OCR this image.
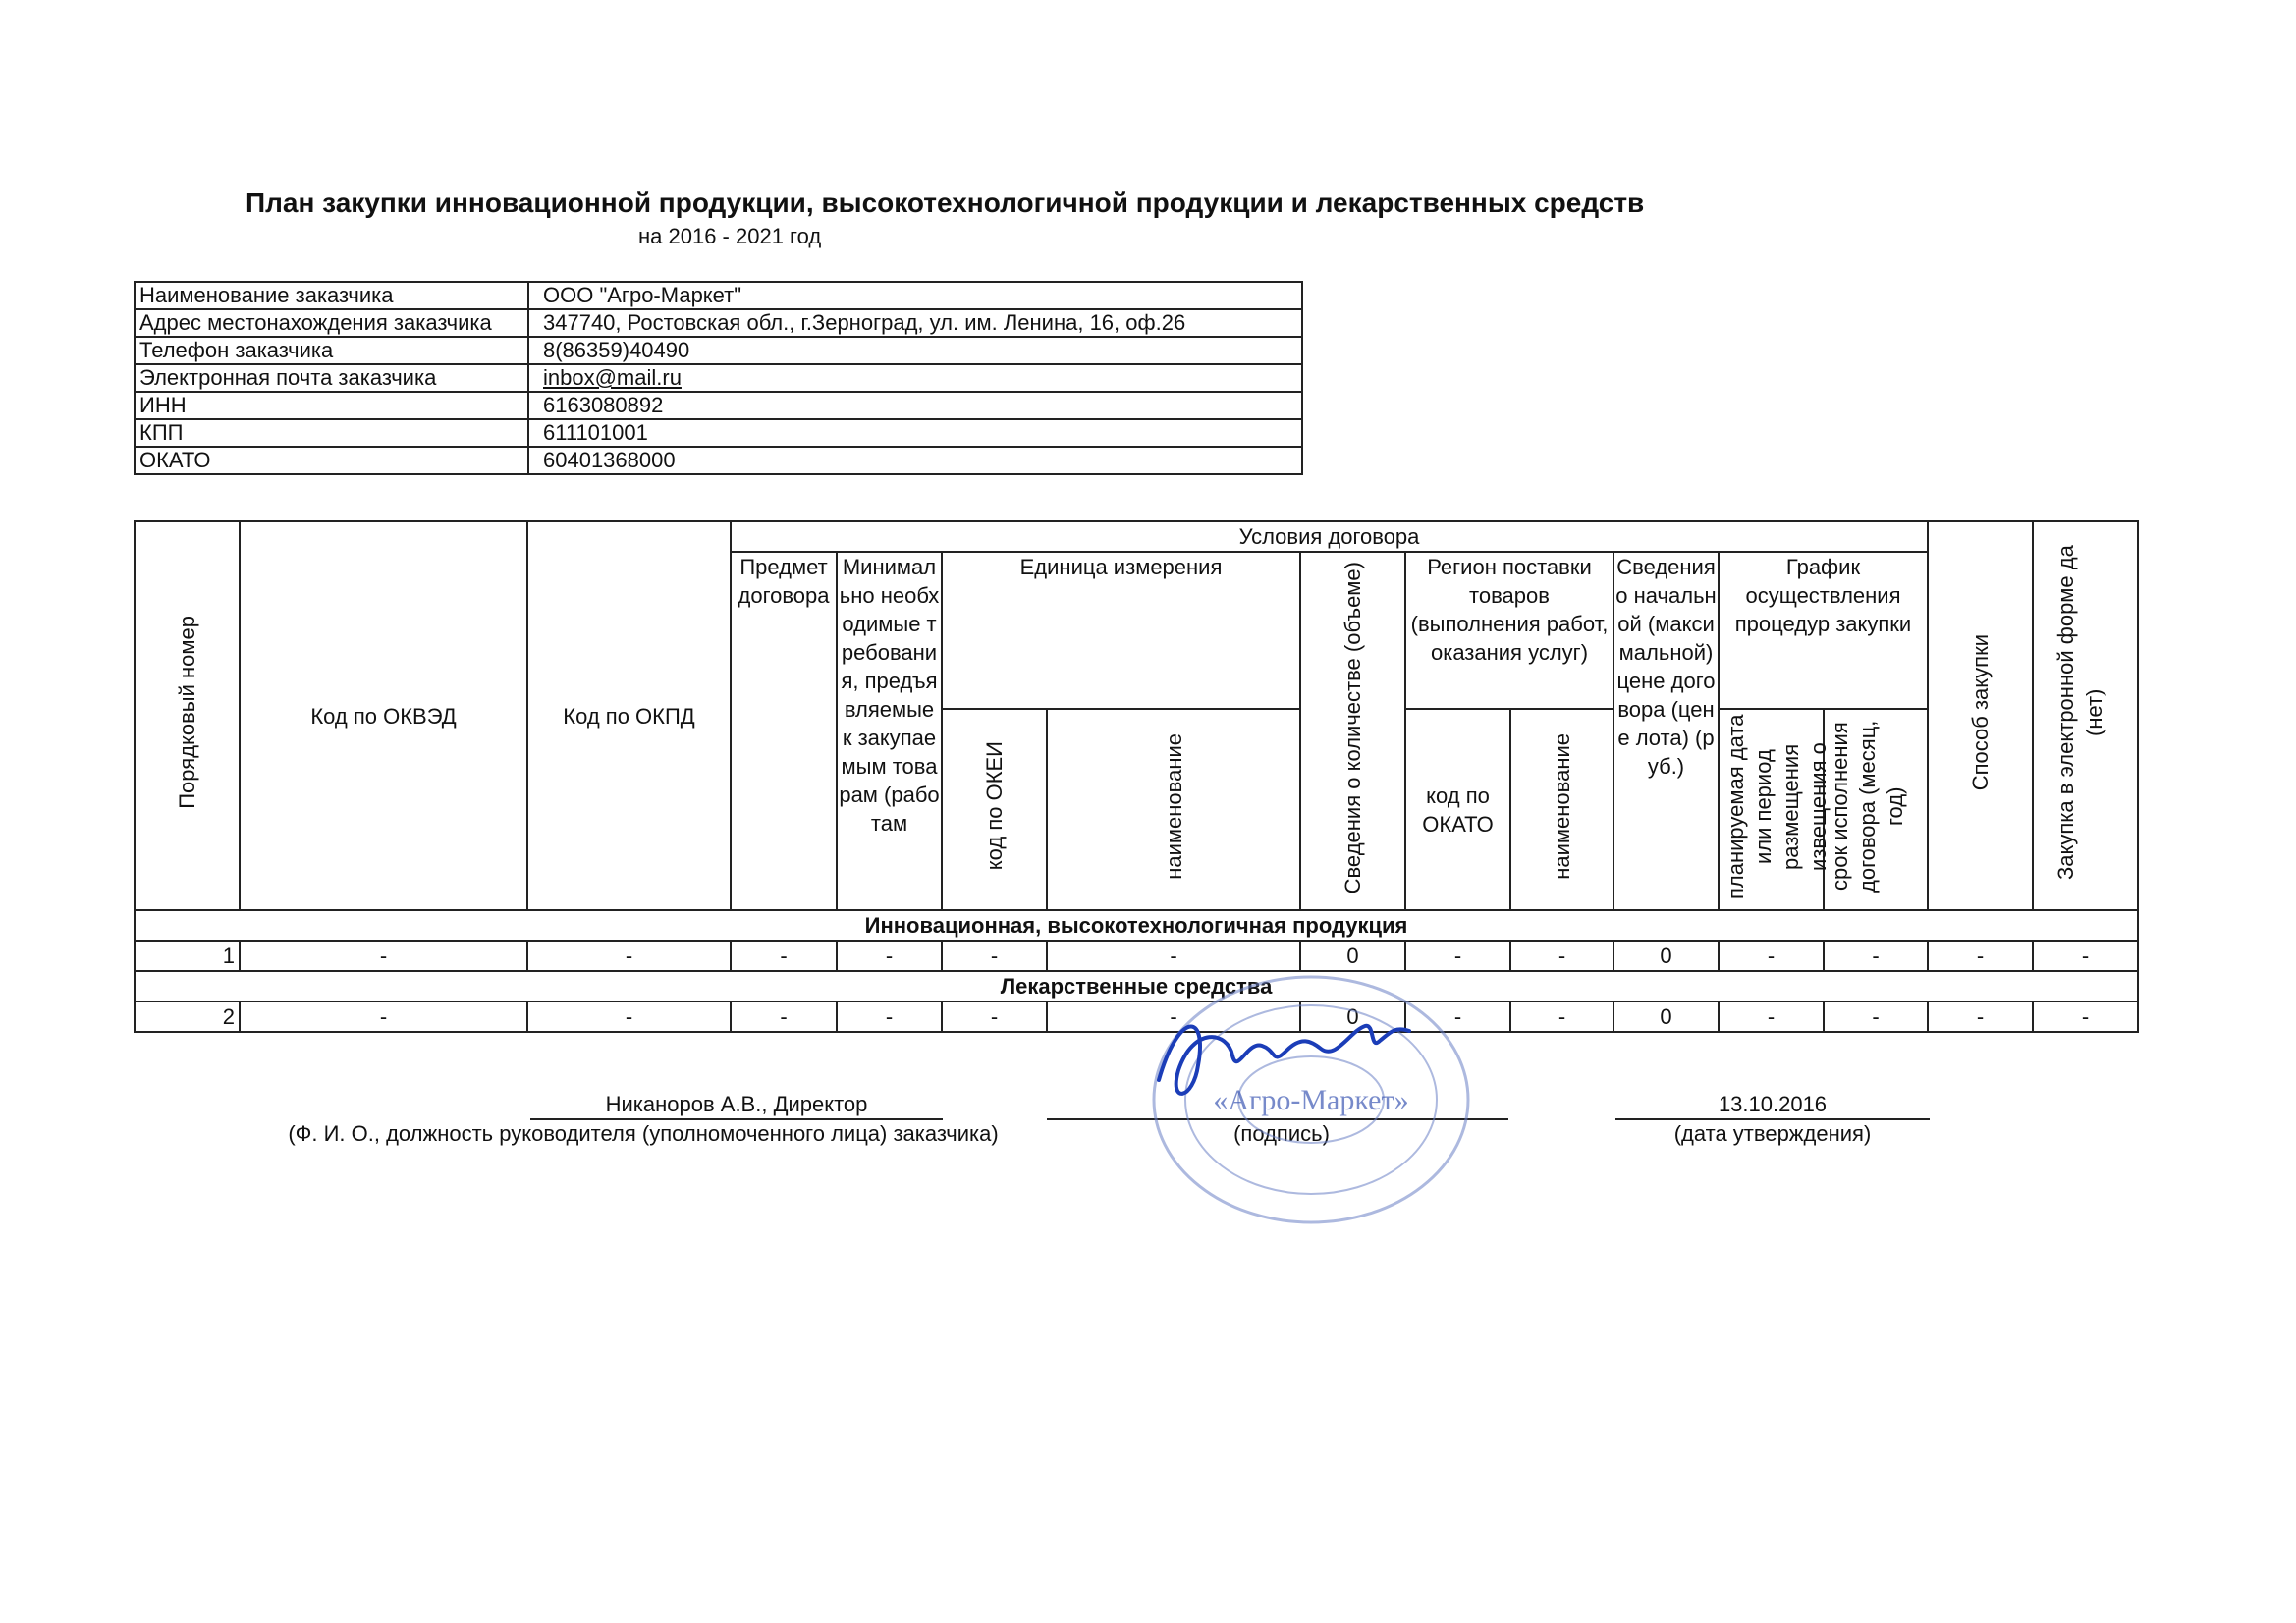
План закупки инновационной продукции, высокотехнологичной продукции и лекарственных средств
на 2016 - 2021 год
Наименование заказчика	ООО "Агро-Маркет"
Адрес местонахождения заказчика	347740, Ростовская обл., г.Зерноград, ул. им. Ленина, 16, оф.26
Телефон заказчика	8(86359)40490
Электронная почта заказчика	inbox@mail.ru
ИНН	6163080892
КПП	611101001
ОКАТО	60401368000
Порядковый номер	Код по ОКВЭД	Код по ОКПД	Условия договора										Способ закупки	Закупка в электронной форме да (нет)
			Предмет договора	Минимально необходимые требования, предъявляемые к закупаемым товарам (работам	Единица измерения		Сведения о количестве (объеме)	Регион поставки товаров (выполнения работ, оказания услуг)		Сведения о начальной (максимальной) цене договора (цене лота) (руб.)	График осуществления процедур закупки			
					код по ОКЕИ	наименование		код по ОКАТО	наименование		планируемая дата или период размещения извещения о	срок исполнения договора (месяц, год)		
Инновационная, высокотехнологичная продукция														
1	-	-	-	-	-	-	0	-	-	0	-	-	-	-
Лекарственные средства														
2	-	-	-	-	-	-	0	-	-	0	-	-	-	-
Никаноров А.В., Директор
(Ф. И. О., должность руководителя (уполномоченного лица) заказчика)	(подпись)
13.10.2016
(дата утверждения)
«Агро-Маркет»
